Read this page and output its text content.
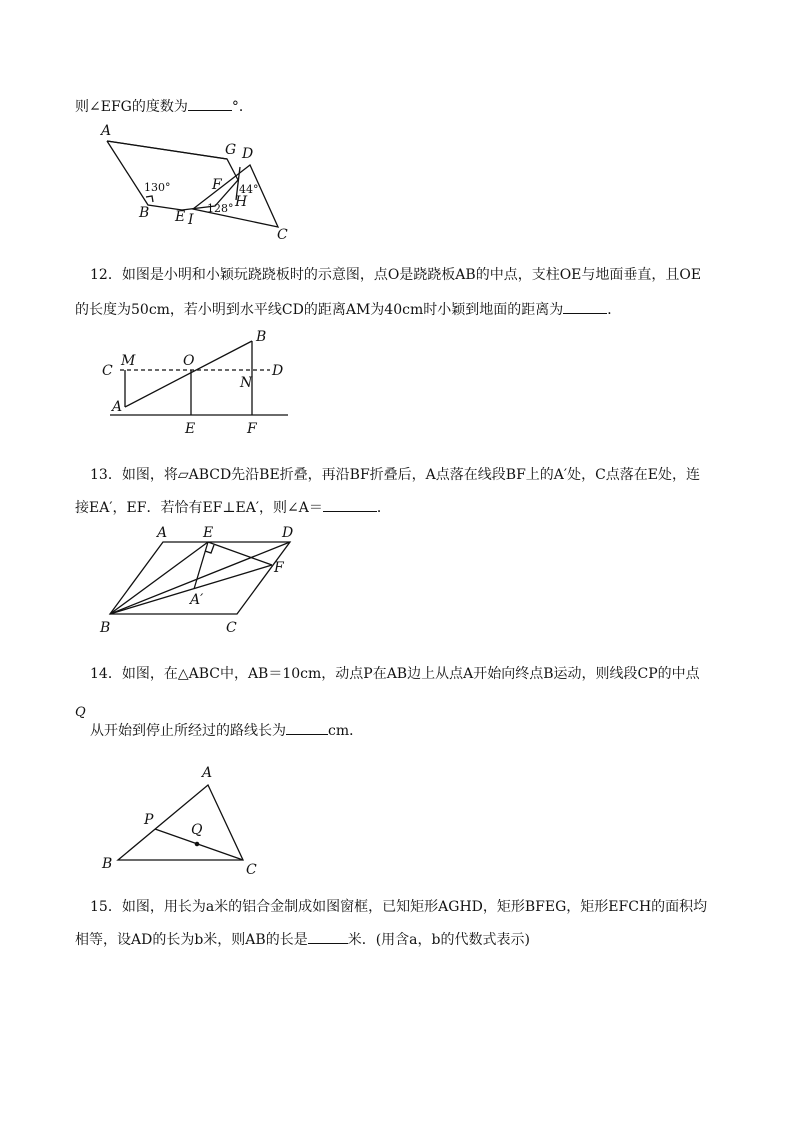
则∠EFG的度数为	°．
A
G D
F
B E I
H
C
130°	44°
128°
12．如图是小明和小颖玩跷跷板时的示意图，点O是跷跷板AB的中点，支柱OE与地面垂直，且OE
的长度为50cm，若小明到水平线CD的距离AM为40cm时小颖到地面的距离为	．
C
M	O
B
D
N
A
E	F
13．如图，将▱ABCD先沿BE折叠，再沿BF折叠后，A点落在线段BF上的A′处，C点落在E处，连
接EA′，EF．若恰有EF⊥EA′，则∠A＝	．
A	E	D
F
A′
B	C
14．如图，在△ABC中，AB＝10cm，动点P在AB边上从点A开始向终点B运动，则线段CP的中点
Q
从开始到停止所经过的路线长为	cm．
A
P
Q
B	C
15．如图，用长为a米的铝合金制成如图窗框，已知矩形AGHD，矩形BFEG，矩形EFCH的面积均
相等，设AD的长为b米，则AB的长是	米．(用含a，b的代数式表示)
